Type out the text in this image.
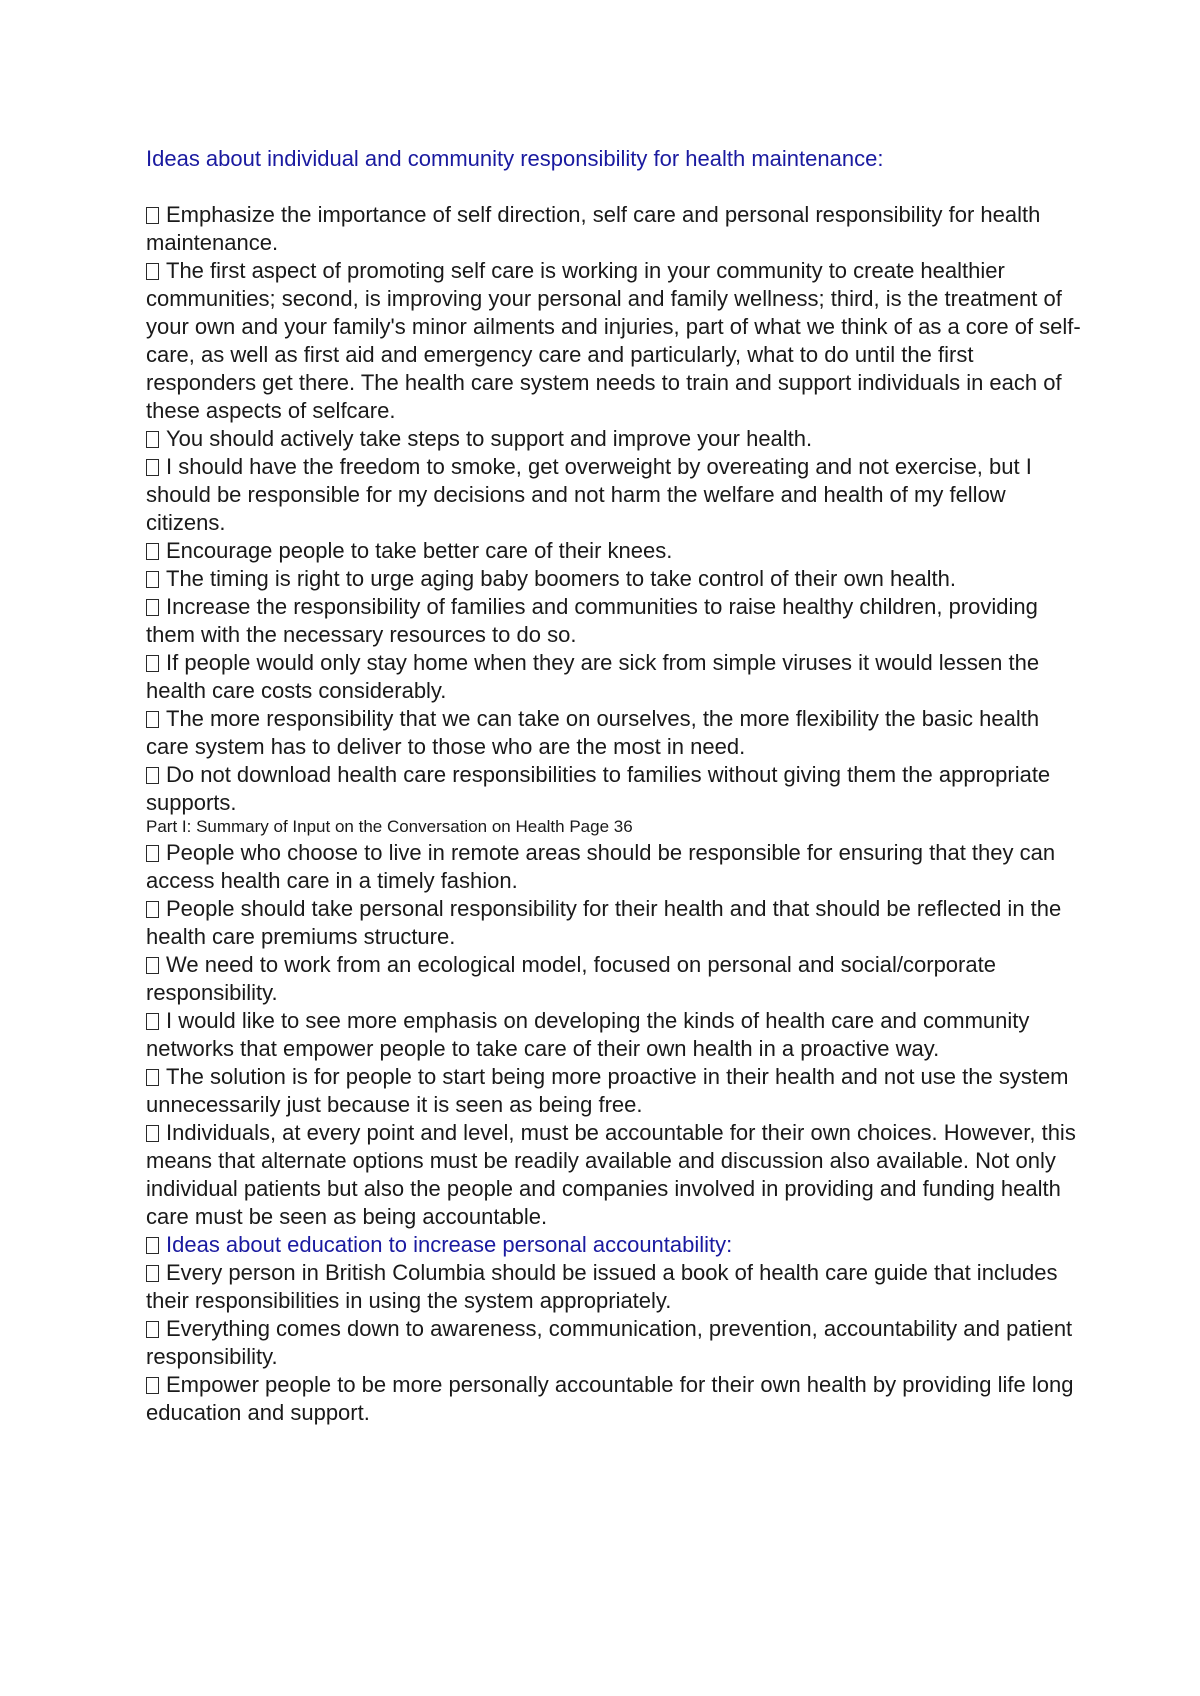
Ideas about individual and community responsibility for health maintenance:

Emphasize the importance of self direction, self care and personal responsibility for health maintenance.

The first aspect of promoting self care is working in your community to create healthier communities; second, is improving your personal and family wellness; third, is the treatment of your own and your family's minor ailments and injuries, part of what we think of as a core of self-care, as well as first aid and emergency care and particularly, what to do until the first responders get there. The health care system needs to train and support individuals in each of these aspects of selfcare.

You should actively take steps to support and improve your health.

I should have the freedom to smoke, get overweight by overeating and not exercise, but I should be responsible for my decisions and not harm the welfare and health of my fellow citizens.

Encourage people to take better care of their knees.

The timing is right to urge aging baby boomers to take control of their own health.

Increase the responsibility of families and communities to raise healthy children, providing them with the necessary resources to do so.

If people would only stay home when they are sick from simple viruses it would lessen the health care costs considerably.

The more responsibility that we can take on ourselves, the more flexibility the basic health care system has to deliver to those who are the most in need.

Do not download health care responsibilities to families without giving them the appropriate supports.

Part I: Summary of Input on the Conversation on Health Page 36

People who choose to live in remote areas should be responsible for ensuring that they can access health care in a timely fashion.

People should take personal responsibility for their health and that should be reflected in the health care premiums structure.

We need to work from an ecological model, focused on personal and social/corporate responsibility.

I would like to see more emphasis on developing the kinds of health care and community networks that empower people to take care of their own health in a proactive way.

The solution is for people to start being more proactive in their health and not use the system unnecessarily just because it is seen as being free.

Individuals, at every point and level, must be accountable for their own choices. However, this means that alternate options must be readily available and discussion also available. Not only individual patients but also the people and companies involved in providing and funding health care must be seen as being accountable.

Ideas about education to increase personal accountability:

Every person in British Columbia should be issued a book of health care guide that includes their responsibilities in using the system appropriately.

Everything comes down to awareness, communication, prevention, accountability and patient responsibility.

Empower people to be more personally accountable for their own health by providing life long education and support.
